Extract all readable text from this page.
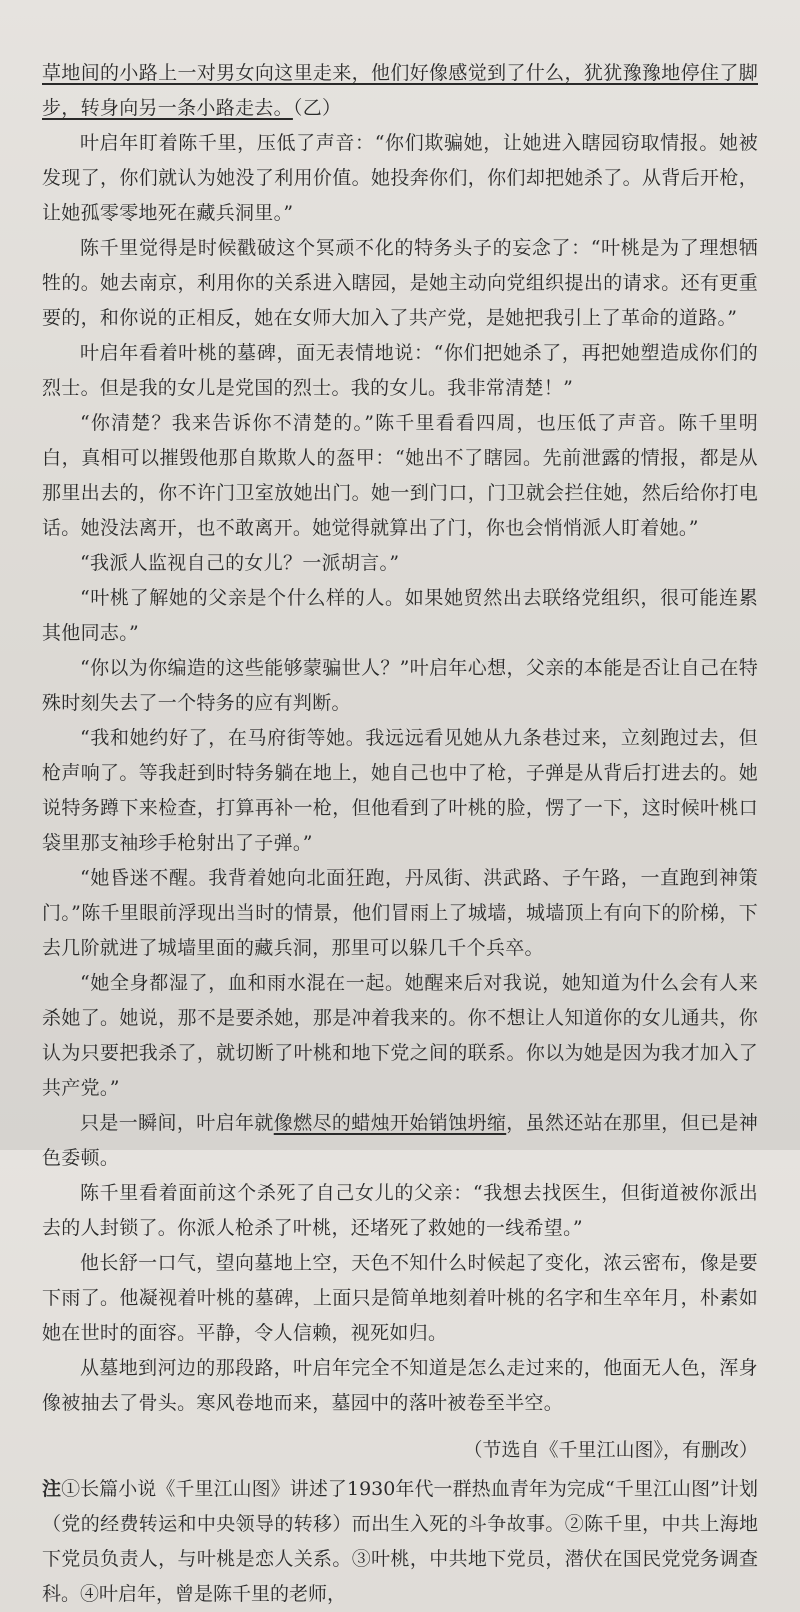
草地间的小路上一对男女向这里走来，他们好像感觉到了什么，犹犹豫豫地停住了脚步，转身向另一条小路走去。（乙）

叶启年盯着陈千里，压低了声音：“你们欺骗她，让她进入瞎园窃取情报。她被发现了，你们就认为她没了利用价值。她投奔你们，你们却把她杀了。从背后开枪，让她孤零零地死在藏兵洞里。”

陈千里觉得是时候戳破这个冥顽不化的特务头子的妄念了：“叶桃是为了理想牺牲的。她去南京，利用你的关系进入瞎园，是她主动向党组织提出的请求。还有更重要的，和你说的正相反，她在女师大加入了共产党，是她把我引上了革命的道路。”

叶启年看着叶桃的墓碑，面无表情地说：“你们把她杀了，再把她塑造成你们的烈士。但是我的女儿是党国的烈士。我的女儿。我非常清楚！”

“你清楚？我来告诉你不清楚的。”陈千里看看四周，也压低了声音。陈千里明白，真相可以摧毁他那自欺欺人的盔甲：“她出不了瞎园。先前泄露的情报，都是从那里出去的，你不许门卫室放她出门。她一到门口，门卫就会拦住她，然后给你打电话。她没法离开，也不敢离开。她觉得就算出了门，你也会悄悄派人盯着她。”

“我派人监视自己的女儿？一派胡言。”

“叶桃了解她的父亲是个什么样的人。如果她贸然出去联络党组织，很可能连累其他同志。”

“你以为你编造的这些能够蒙骗世人？”叶启年心想，父亲的本能是否让自己在特殊时刻失去了一个特务的应有判断。

“我和她约好了，在马府街等她。我远远看见她从九条巷过来，立刻跑过去，但枪声响了。等我赶到时特务躺在地上，她自己也中了枪，子弹是从背后打进去的。她说特务蹲下来检查，打算再补一枪，但他看到了叶桃的脸，愣了一下，这时候叶桃口袋里那支袖珍手枪射出了子弹。”

“她昏迷不醒。我背着她向北面狂跑，丹凤街、洪武路、子午路，一直跑到神策门。”陈千里眼前浮现出当时的情景，他们冒雨上了城墙，城墙顶上有向下的阶梯，下去几阶就进了城墙里面的藏兵洞，那里可以躲几千个兵卒。

“她全身都湿了，血和雨水混在一起。她醒来后对我说，她知道为什么会有人来杀她了。她说，那不是要杀她，那是冲着我来的。你不想让人知道你的女儿通共，你认为只要把我杀了，就切断了叶桃和地下党之间的联系。你以为她是因为我才加入了共产党。”

只是一瞬间，叶启年就像燃尽的蜡烛开始销蚀坍缩，虽然还站在那里，但已是神色委顿。

陈千里看着面前这个杀死了自己女儿的父亲：“我想去找医生，但街道被你派出去的人封锁了。你派人枪杀了叶桃，还堵死了救她的一线希望。”

他长舒一口气，望向墓地上空，天色不知什么时候起了变化，浓云密布，像是要下雨了。他凝视着叶桃的墓碑，上面只是简单地刻着叶桃的名字和生卒年月，朴素如她在世时的面容。平静，令人信赖，视死如归。

从墓地到河边的那段路，叶启年完全不知道是怎么走过来的，他面无人色，浑身像被抽去了骨头。寒风卷地而来，墓园中的落叶被卷至半空。

（节选自《千里江山图》，有删改）

注①长篇小说《千里江山图》讲述了1930年代一群热血青年为完成“千里江山图”计划（党的经费转运和中央领导的转移）而出生入死的斗争故事。②陈千里，中共上海地下党员负责人，与叶桃是恋人关系。③叶桃，中共地下党员，潜伏在国民党党务调查科。④叶启年，曾是陈千里的老师，
